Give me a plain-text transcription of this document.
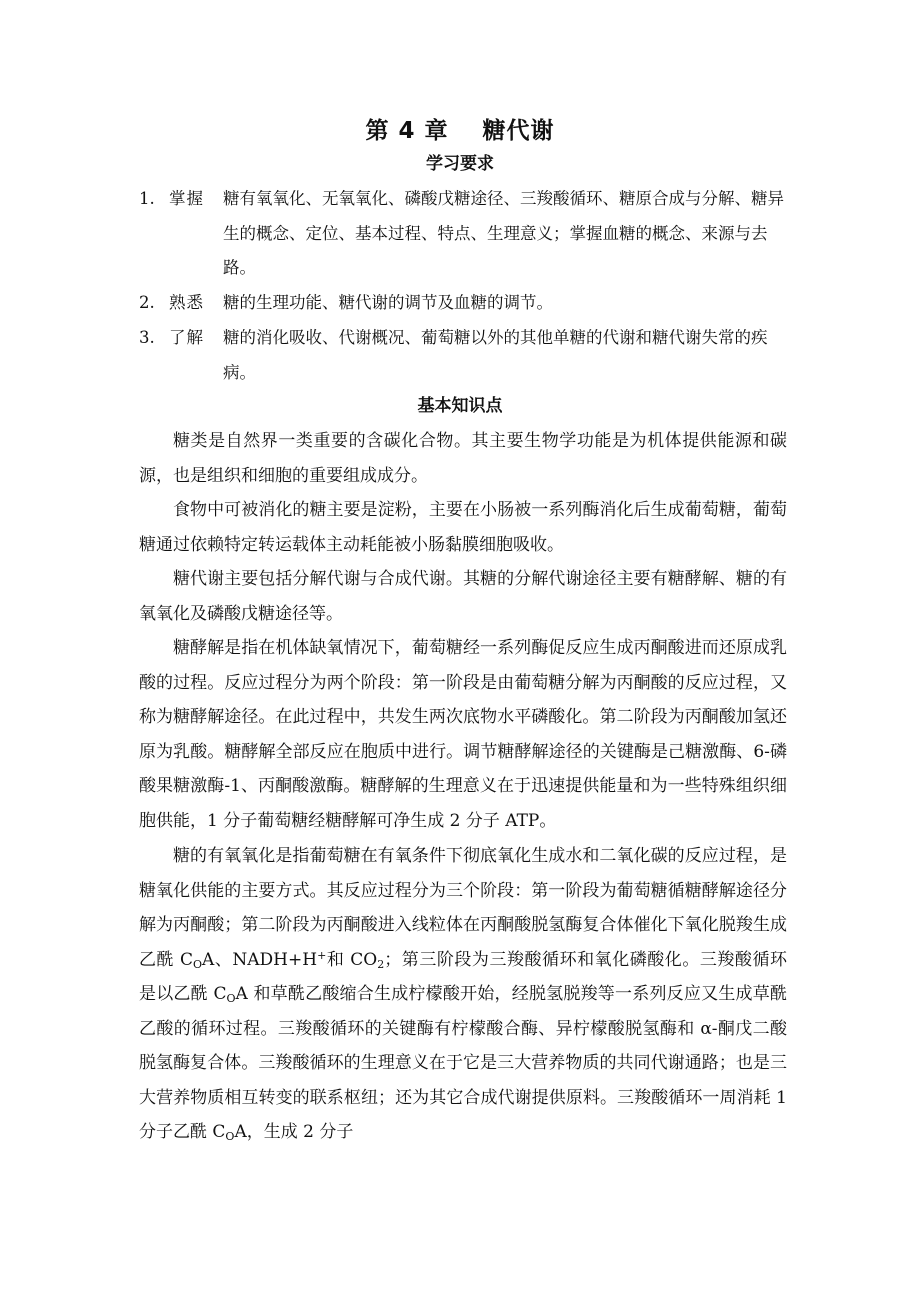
第 4 章 糖代谢
学习要求
1. 掌握	糖有氧氧化、无氧氧化、磷酸戊糖途径、三羧酸循环、糖原合成与分解、糖异生的概念、定位、基本过程、特点、生理意义；掌握血糖的概念、来源与去路。
2. 熟悉	糖的生理功能、糖代谢的调节及血糖的调节。
3. 了解	糖的消化吸收、代谢概况、葡萄糖以外的其他单糖的代谢和糖代谢失常的疾病。
基本知识点

糖类是自然界一类重要的含碳化合物。其主要生物学功能是为机体提供能源和碳源，也是组织和细胞的重要组成成分。

食物中可被消化的糖主要是淀粉，主要在小肠被一系列酶消化后生成葡萄糖，葡萄糖通过依赖特定转运载体主动耗能被小肠黏膜细胞吸收。

糖代谢主要包括分解代谢与合成代谢。其糖的分解代谢途径主要有糖酵解、糖的有氧氧化及磷酸戊糖途径等。

糖酵解是指在机体缺氧情况下，葡萄糖经一系列酶促反应生成丙酮酸进而还原成乳酸的过程。反应过程分为两个阶段：第一阶段是由葡萄糖分解为丙酮酸的反应过程，又称为糖酵解途径。在此过程中，共发生两次底物水平磷酸化。第二阶段为丙酮酸加氢还原为乳酸。糖酵解全部反应在胞质中进行。调节糖酵解途径的关键酶是己糖激酶、6-磷酸果糖激酶-1、丙酮酸激酶。糖酵解的生理意义在于迅速提供能量和为一些特殊组织细胞供能，1 分子葡萄糖经糖酵解可净生成 2 分子 ATP。

糖的有氧氧化是指葡萄糖在有氧条件下彻底氧化生成水和二氧化碳的反应过程，是糖氧化供能的主要方式。其反应过程分为三个阶段：第一阶段为葡萄糖循糖酵解途径分解为丙酮酸；第二阶段为丙酮酸进入线粒体在丙酮酸脱氢酶复合体催化下氧化脱羧生成乙酰 $C_OA$、NADH+H+和 $CO_2$；第三阶段为三羧酸循环和氧化磷酸化。三羧酸循环是以乙酰 $C_OA$ 和草酰乙酸缩合生成柠檬酸开始，经脱氢脱羧等一系列反应又生成草酰乙酸的循环过程。三羧酸循环的关键酶有柠檬酸合酶、异柠檬酸脱氢酶和 α-酮戊二酸脱氢酶复合体。三羧酸循环的生理意义在于它是三大营养物质的共同代谢通路；也是三大营养物质相互转变的联系枢纽；还为其它合成代谢提供原料。三羧酸循环一周消耗 1 分子乙酰 $C_OA$，生成 2 分子
